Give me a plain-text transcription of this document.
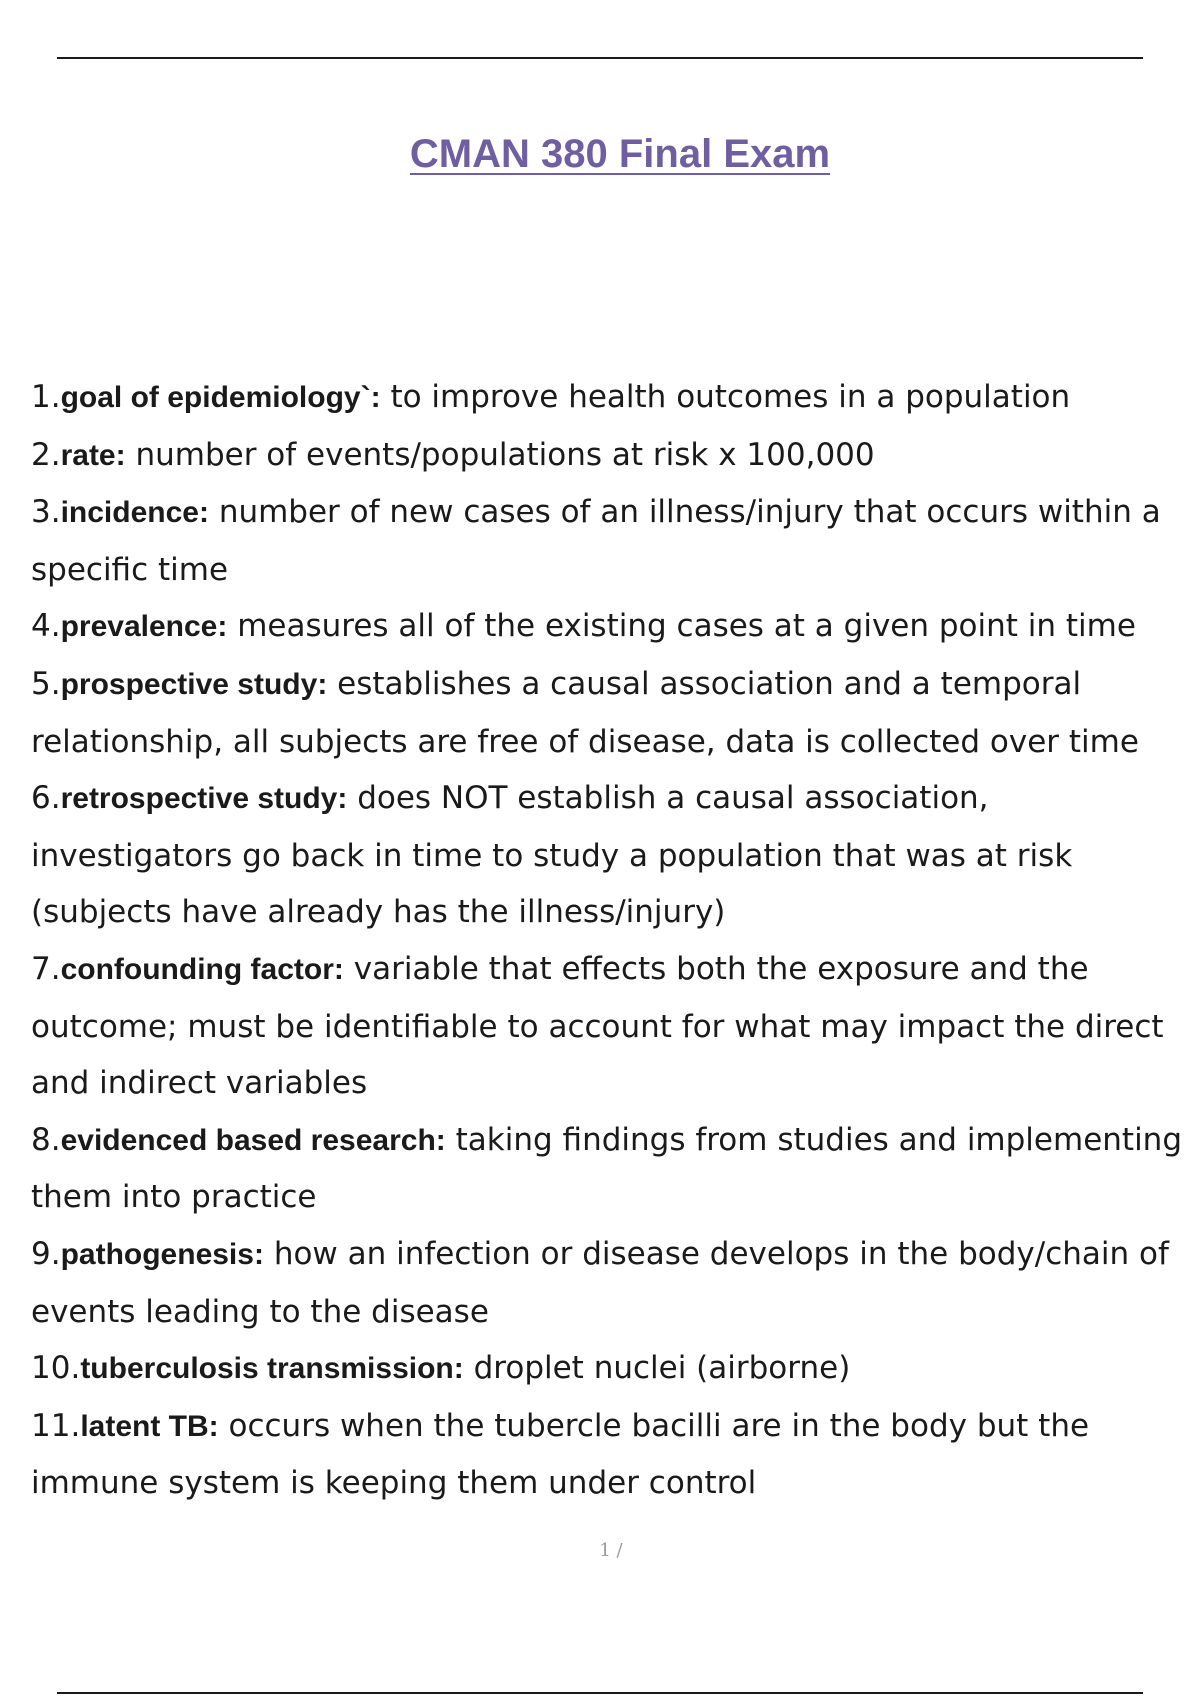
CMAN 380 Final Exam
1.goal of epidemiology`: to improve health outcomes in a population
2.rate: number of events/populations at risk x 100,000
3.incidence: number of new cases of an illness/injury that occurs within a specific time
4.prevalence: measures all of the existing cases at a given point in time
5.prospective study: establishes a causal association and a temporal relationship, all subjects are free of disease, data is collected over time
6.retrospective study: does NOT establish a causal association, investigators go back in time to study a population that was at risk (subjects have already has the illness/injury)
7.confounding factor: variable that effects both the exposure and the outcome; must be identifiable to account for what may impact the direct and indirect variables
8.evidenced based research: taking findings from studies and implementing them into practice
9.pathogenesis: how an infection or disease develops in the body/chain of events leading to the disease
10.tuberculosis transmission: droplet nuclei (airborne)
11.latent TB: occurs when the tubercle bacilli are in the body but the immune system is keeping them under control
1 /
